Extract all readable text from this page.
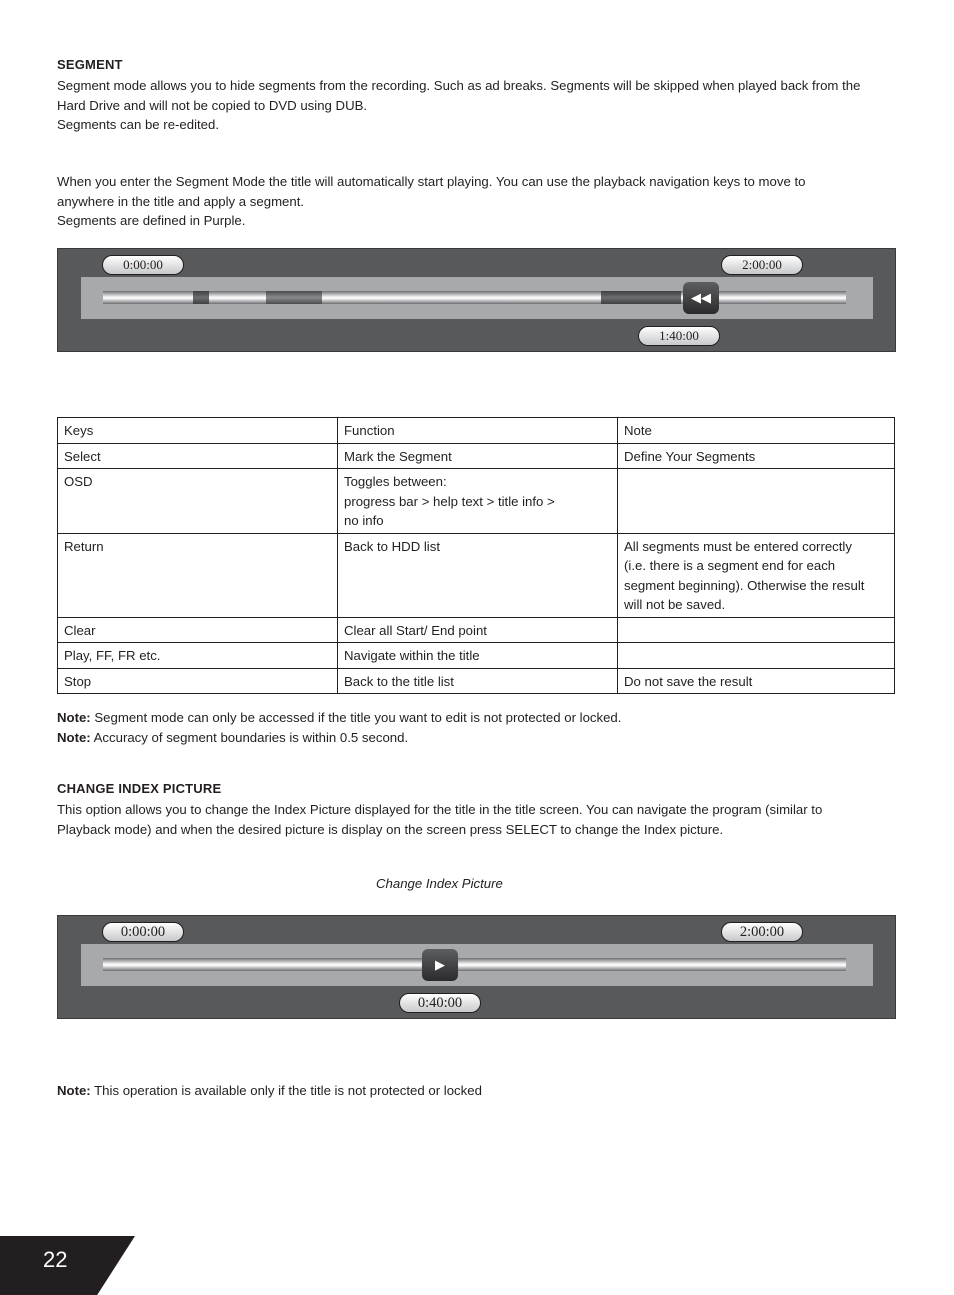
SEGMENT
Segment mode allows you to hide segments from the recording. Such as ad breaks. Segments will be skipped when played back from the
Hard Drive and will not be copied to DVD using DUB.
Segments can be re-edited.
When you enter the Segment Mode the title will automatically start playing. You can use the playback navigation keys to move to
anywhere in the title and apply a segment.
Segments are defined in Purple.
0:00:00	2:00:00
◀◀
1:40:00
Keys	Function	Note
Select	Mark the Segment	Define Your Segments

OSD	Toggles between:
progress bar > help text > title info >
no info	

Return	Back to HDD list	All segments must be entered correctly
(i.e. there is a segment end for each
segment beginning). Otherwise the result
will not be saved.

Clear	Clear all Start/ End point	

Play, FF, FR etc.	Navigate within the title	

Stop	Back to the title list	Do not save the result
Note: Segment mode can only be accessed if the title you want to edit is not protected or locked.
Note: Accuracy of segment boundaries is within 0.5 second.
CHANGE INDEX PICTURE
This option allows you to change the Index Picture displayed for the title in the title screen. You can navigate the program (similar to
Playback mode) and when the desired picture is display on the screen press SELECT to change the Index picture.
Change Index Picture
0:00:00	2:00:00
▶
0:40:00
Note: This operation is available only if the title is not protected or locked
22
